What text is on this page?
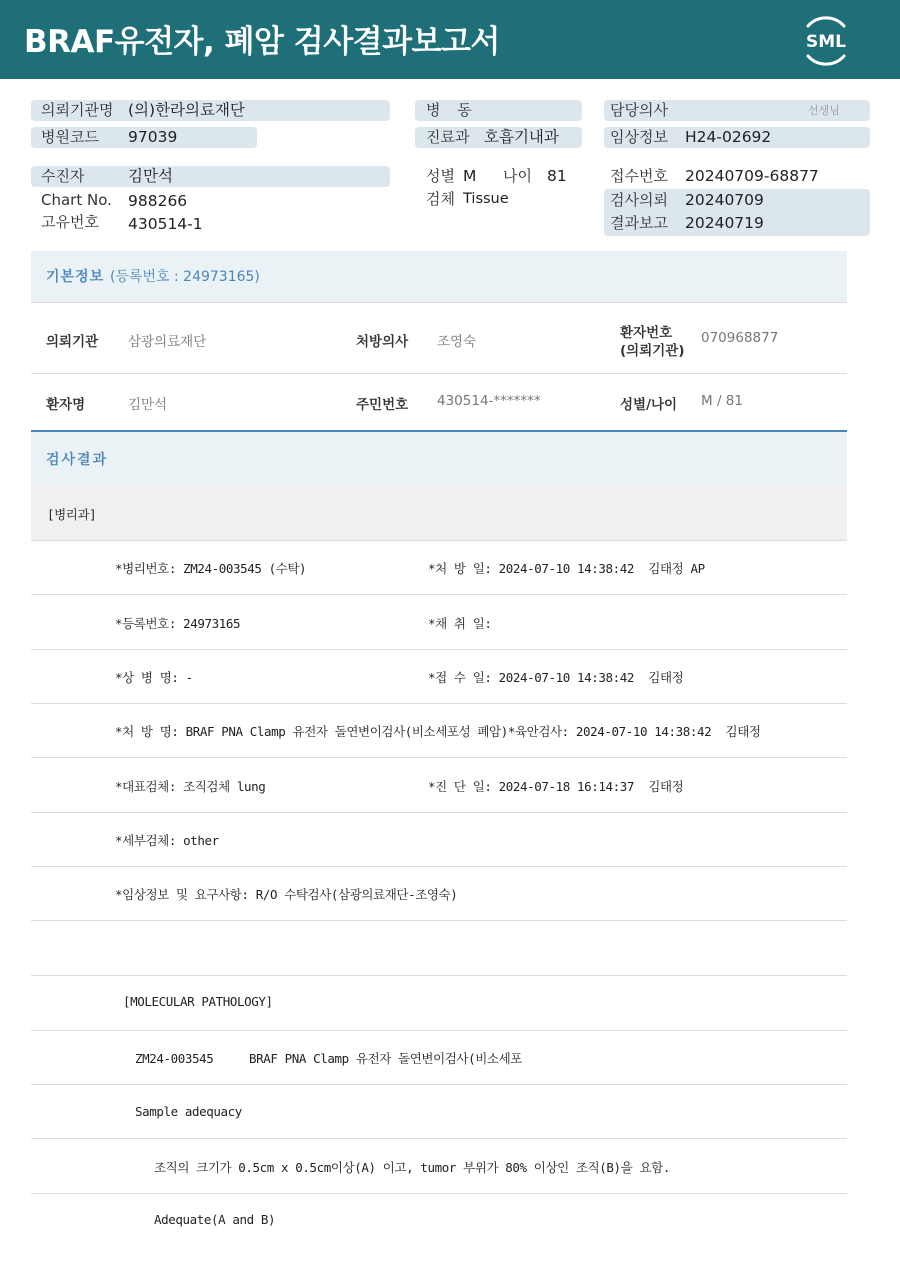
BRAF유전자, 폐암 검사결과보고서	SML
의뢰기관명 (의)한라의료재단
병원코드 97039
수진자	김만석
Chart No. 988266
고유번호 430514-1
병 동
진료과 호흡기내과
성별 M 나이 81
검체 Tissue
담당의사	선생님
임상정보 H24-02692
접수번호 20240709-68877
검사의뢰 20240709
결과보고 20240719
기본정보 (등록번호 : 24973165)
의뢰기관 삼광의료재단	처방의사 조영숙
환자번호
(의뢰기관)
070968877
환자명	김만석	주민번호 430514-*******	성별/나이 M / 81
검사결과
[병리과]
*병리번호: ZM24-003545 (수탁)	*처 방 일: 2024-07-10 14:38:42  김태정 AP
*등록번호: 24973165	*채 취 일:
*상 병 명: -	*접 수 일: 2024-07-10 14:38:42  김태정
*처 방 명: BRAF PNA Clamp 유전자 돌연변이검사(비소세포성 폐암)*육안검사: 2024-07-10 14:38:42  김태정
*대표검체: 조직검체 lung	*진 단 일: 2024-07-18 16:14:37  김태정
*세부검체: other
*임상정보 및 요구사항: R/O 수탁검사(삼광의료재단-조영숙)
[MOLECULAR PATHOLOGY]
ZM24-003545     BRAF PNA Clamp 유전자 돌연변이검사(비소세포
Sample adequacy
조직의 크기가 0.5cm x 0.5cm이상(A) 이고, tumor 부위가 80% 이상인 조직(B)을 요함.
Adequate(A and B)
